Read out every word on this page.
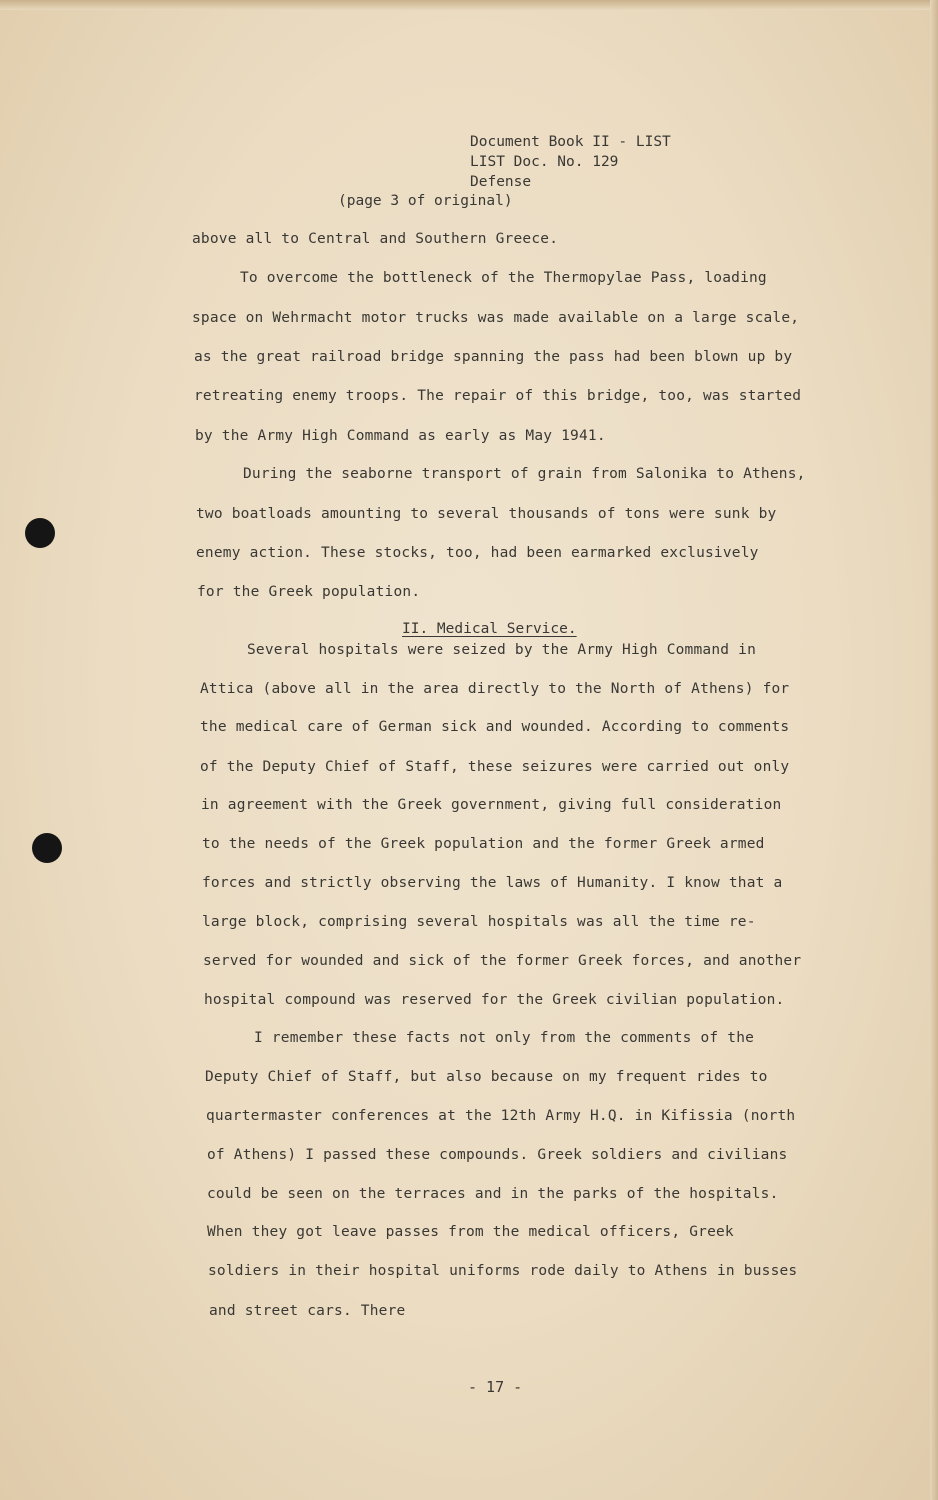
Document Book II - LIST
LIST Doc. No. 129
Defense
(page 3 of original)
above all to Central and Southern Greece.
To overcome the bottleneck of the Thermopylae Pass, loading
space on Wehrmacht motor trucks was made available on a large scale,
as the great railroad bridge spanning the pass had been blown up by
retreating enemy troops. The repair of this bridge, too, was started
by the Army High Command as early as May 1941.
During the seaborne transport of grain from Salonika to Athens,
two boatloads amounting to several thousands of tons were sunk by
enemy action. These stocks, too, had been earmarked exclusively
for the Greek population.
II. Medical Service.
Several hospitals were seized by the Army High Command in
Attica (above all in the area directly to the North of Athens) for
the medical care of German sick and wounded. According to comments
of the Deputy Chief of Staff, these seizures were carried out only
in agreement with the Greek government, giving full consideration
to the needs of the Greek population and the former Greek armed
forces and strictly observing the laws of Humanity. I know that a
large block, comprising several hospitals was all the time re-
served for wounded and sick of the former Greek forces, and another
hospital compound was reserved for the Greek civilian population.
I remember these facts not only from the comments of the
Deputy Chief of Staff, but also because on my frequent rides to
quartermaster conferences at the 12th Army H.Q. in Kifissia (north
of Athens) I passed these compounds. Greek soldiers and civilians
could be seen on the terraces and in the parks of the hospitals.
When they got leave passes from the medical officers, Greek
soldiers in their hospital uniforms rode daily to Athens in busses
and street cars. There
- 17 -
